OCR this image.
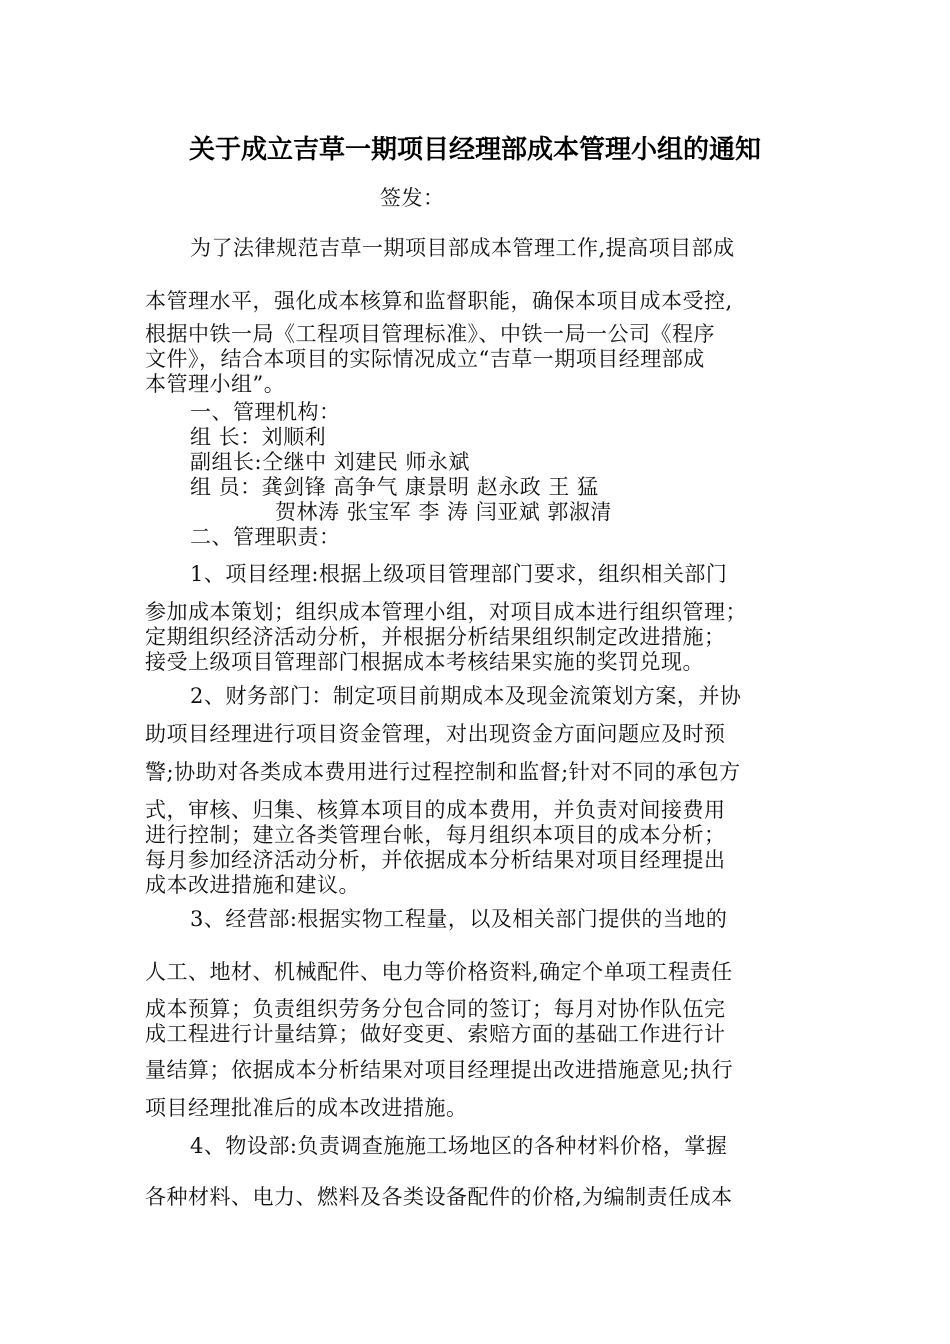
关于成立吉草一期项目经理部成本管理小组的通知
签发：
为了法律规范吉草一期项目部成本管理工作,提高项目部成
本管理水平，强化成本核算和监督职能，确保本项目成本受控,
根据中铁一局《工程项目管理标准》、中铁一局一公司《程序
文件》，结合本项目的实际情况成立“吉草一期项目经理部成
本管理小组”。
一、管理机构：
组 长：刘顺利
副组长:仝继中 刘建民 师永斌
组 员：龚剑锋 高争气 康景明 赵永政 王 猛
贺林涛 张宝军 李 涛 闫亚斌 郭淑清
二、管理职责：
1、项目经理:根据上级项目管理部门要求，组织相关部门
参加成本策划；组织成本管理小组，对项目成本进行组织管理；
定期组织经济活动分析，并根据分析结果组织制定改进措施；
接受上级项目管理部门根据成本考核结果实施的奖罚兑现。
2、财务部门：制定项目前期成本及现金流策划方案，并协
助项目经理进行项目资金管理，对出现资金方面问题应及时预
警;协助对各类成本费用进行过程控制和监督;针对不同的承包方
式，审核、归集、核算本项目的成本费用，并负责对间接费用
进行控制；建立各类管理台帐，每月组织本项目的成本分析；
每月参加经济活动分析，并依据成本分析结果对项目经理提出
成本改进措施和建议。
3、经营部:根据实物工程量，以及相关部门提供的当地的
人工、地材、机械配件、电力等价格资料,确定个单项工程责任
成本预算；负责组织劳务分包合同的签订；每月对协作队伍完
成工程进行计量结算；做好变更、索赔方面的基础工作进行计
量结算；依据成本分析结果对项目经理提出改进措施意见;执行
项目经理批准后的成本改进措施。
4、物设部:负责调查施施工场地区的各种材料价格，掌握
各种材料、电力、燃料及各类设备配件的价格,为编制责任成本
